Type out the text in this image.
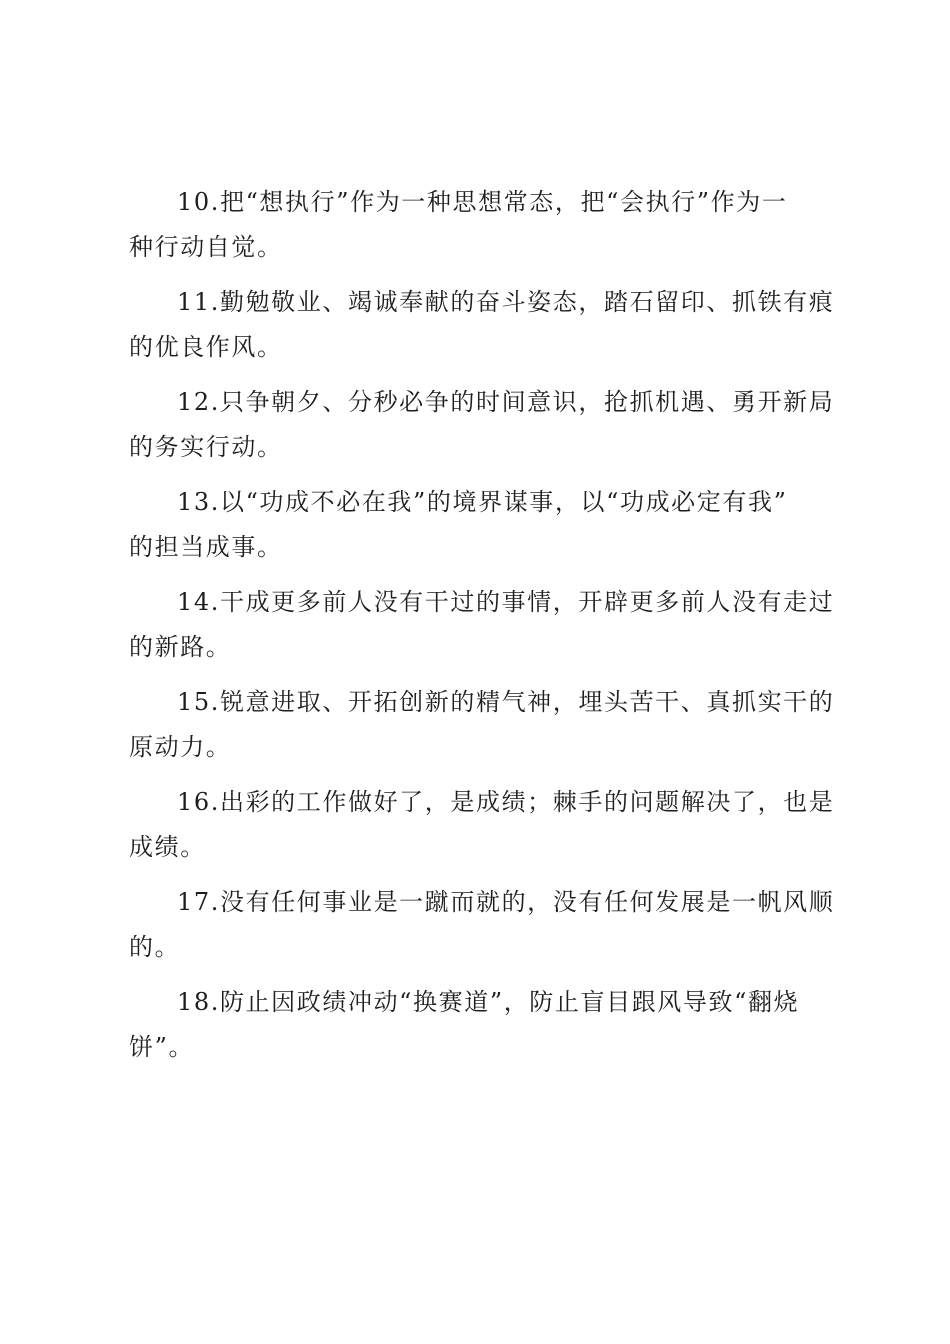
10.把“想执行”作为一种思想常态，把“会执行”作为一
种行动自觉。

11.勤勉敬业、竭诚奉献的奋斗姿态，踏石留印、抓铁有痕
的优良作风。

12.只争朝夕、分秒必争的时间意识，抢抓机遇、勇开新局
的务实行动。

13.以“功成不必在我”的境界谋事，以“功成必定有我”
的担当成事。

14.干成更多前人没有干过的事情，开辟更多前人没有走过
的新路。

15.锐意进取、开拓创新的精气神，埋头苦干、真抓实干的
原动力。

16.出彩的工作做好了，是成绩；棘手的问题解决了，也是
成绩。

17.没有任何事业是一蹴而就的，没有任何发展是一帆风顺
的。

18.防止因政绩冲动“换赛道”，防止盲目跟风导致“翻烧
饼”。
